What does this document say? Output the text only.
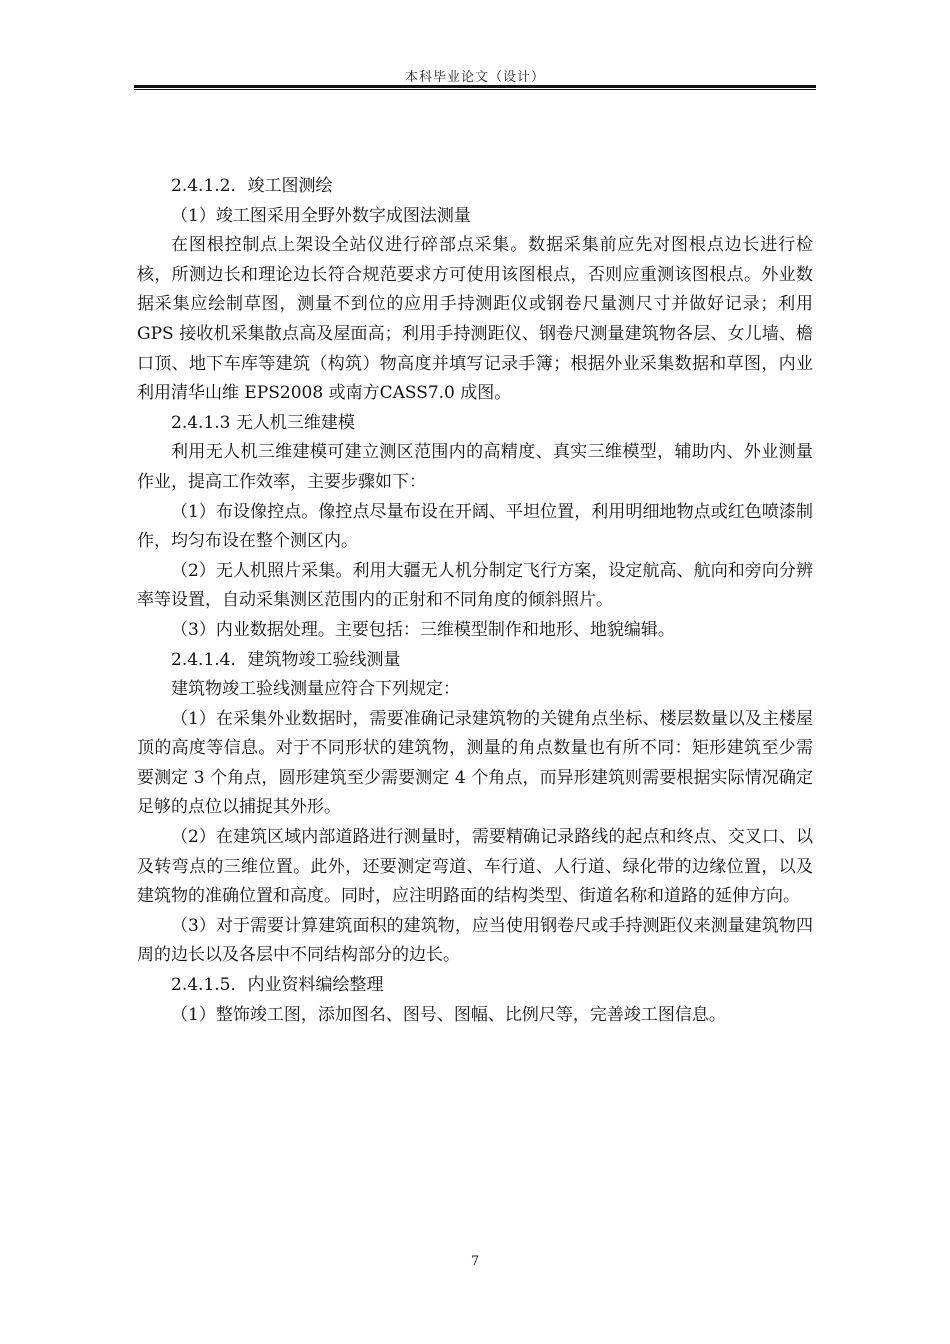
本科毕业论文（设计）

2.4.1.2．竣工图测绘

（1）竣工图采用全野外数字成图法测量

在图根控制点上架设全站仪进行碎部点采集。数据采集前应先对图根点边长进行检核，所测边长和理论边长符合规范要求方可使用该图根点，否则应重测该图根点。外业数据采集应绘制草图，测量不到位的应用手持测距仪或钢卷尺量测尺寸并做好记录；利用 GPS 接收机采集散点高及屋面高；利用手持测距仪、钢卷尺测量建筑物各层、女儿墙、檐口顶、地下车库等建筑（构筑）物高度并填写记录手簿；根据外业采集数据和草图，内业利用清华山维 EPS2008 或南方CASS7.0 成图。

2.4.1.3 无人机三维建模

利用无人机三维建模可建立测区范围内的高精度、真实三维模型，辅助内、外业测量作业，提高工作效率，主要步骤如下：

（1）布设像控点。像控点尽量布设在开阔、平坦位置，利用明细地物点或红色喷漆制作，均匀布设在整个测区内。

（2）无人机照片采集。利用大疆无人机分制定飞行方案，设定航高、航向和旁向分辨率等设置，自动采集测区范围内的正射和不同角度的倾斜照片。

（3）内业数据处理。主要包括：三维模型制作和地形、地貌编辑。

2.4.1.4．建筑物竣工验线测量

建筑物竣工验线测量应符合下列规定：

（1）在采集外业数据时，需要准确记录建筑物的关键角点坐标、楼层数量以及主楼屋顶的高度等信息。对于不同形状的建筑物，测量的角点数量也有所不同：矩形建筑至少需要测定 3 个角点，圆形建筑至少需要测定 4 个角点，而异形建筑则需要根据实际情况确定足够的点位以捕捉其外形。

（2）在建筑区域内部道路进行测量时，需要精确记录路线的起点和终点、交叉口、以及转弯点的三维位置。此外，还要测定弯道、车行道、人行道、绿化带的边缘位置，以及建筑物的准确位置和高度。同时，应注明路面的结构类型、街道名称和道路的延伸方向。

（3）对于需要计算建筑面积的建筑物，应当使用钢卷尺或手持测距仪来测量建筑物四周的边长以及各层中不同结构部分的边长。

2.4.1.5．内业资料编绘整理

（1）整饰竣工图，添加图名、图号、图幅、比例尺等，完善竣工图信息。

7
